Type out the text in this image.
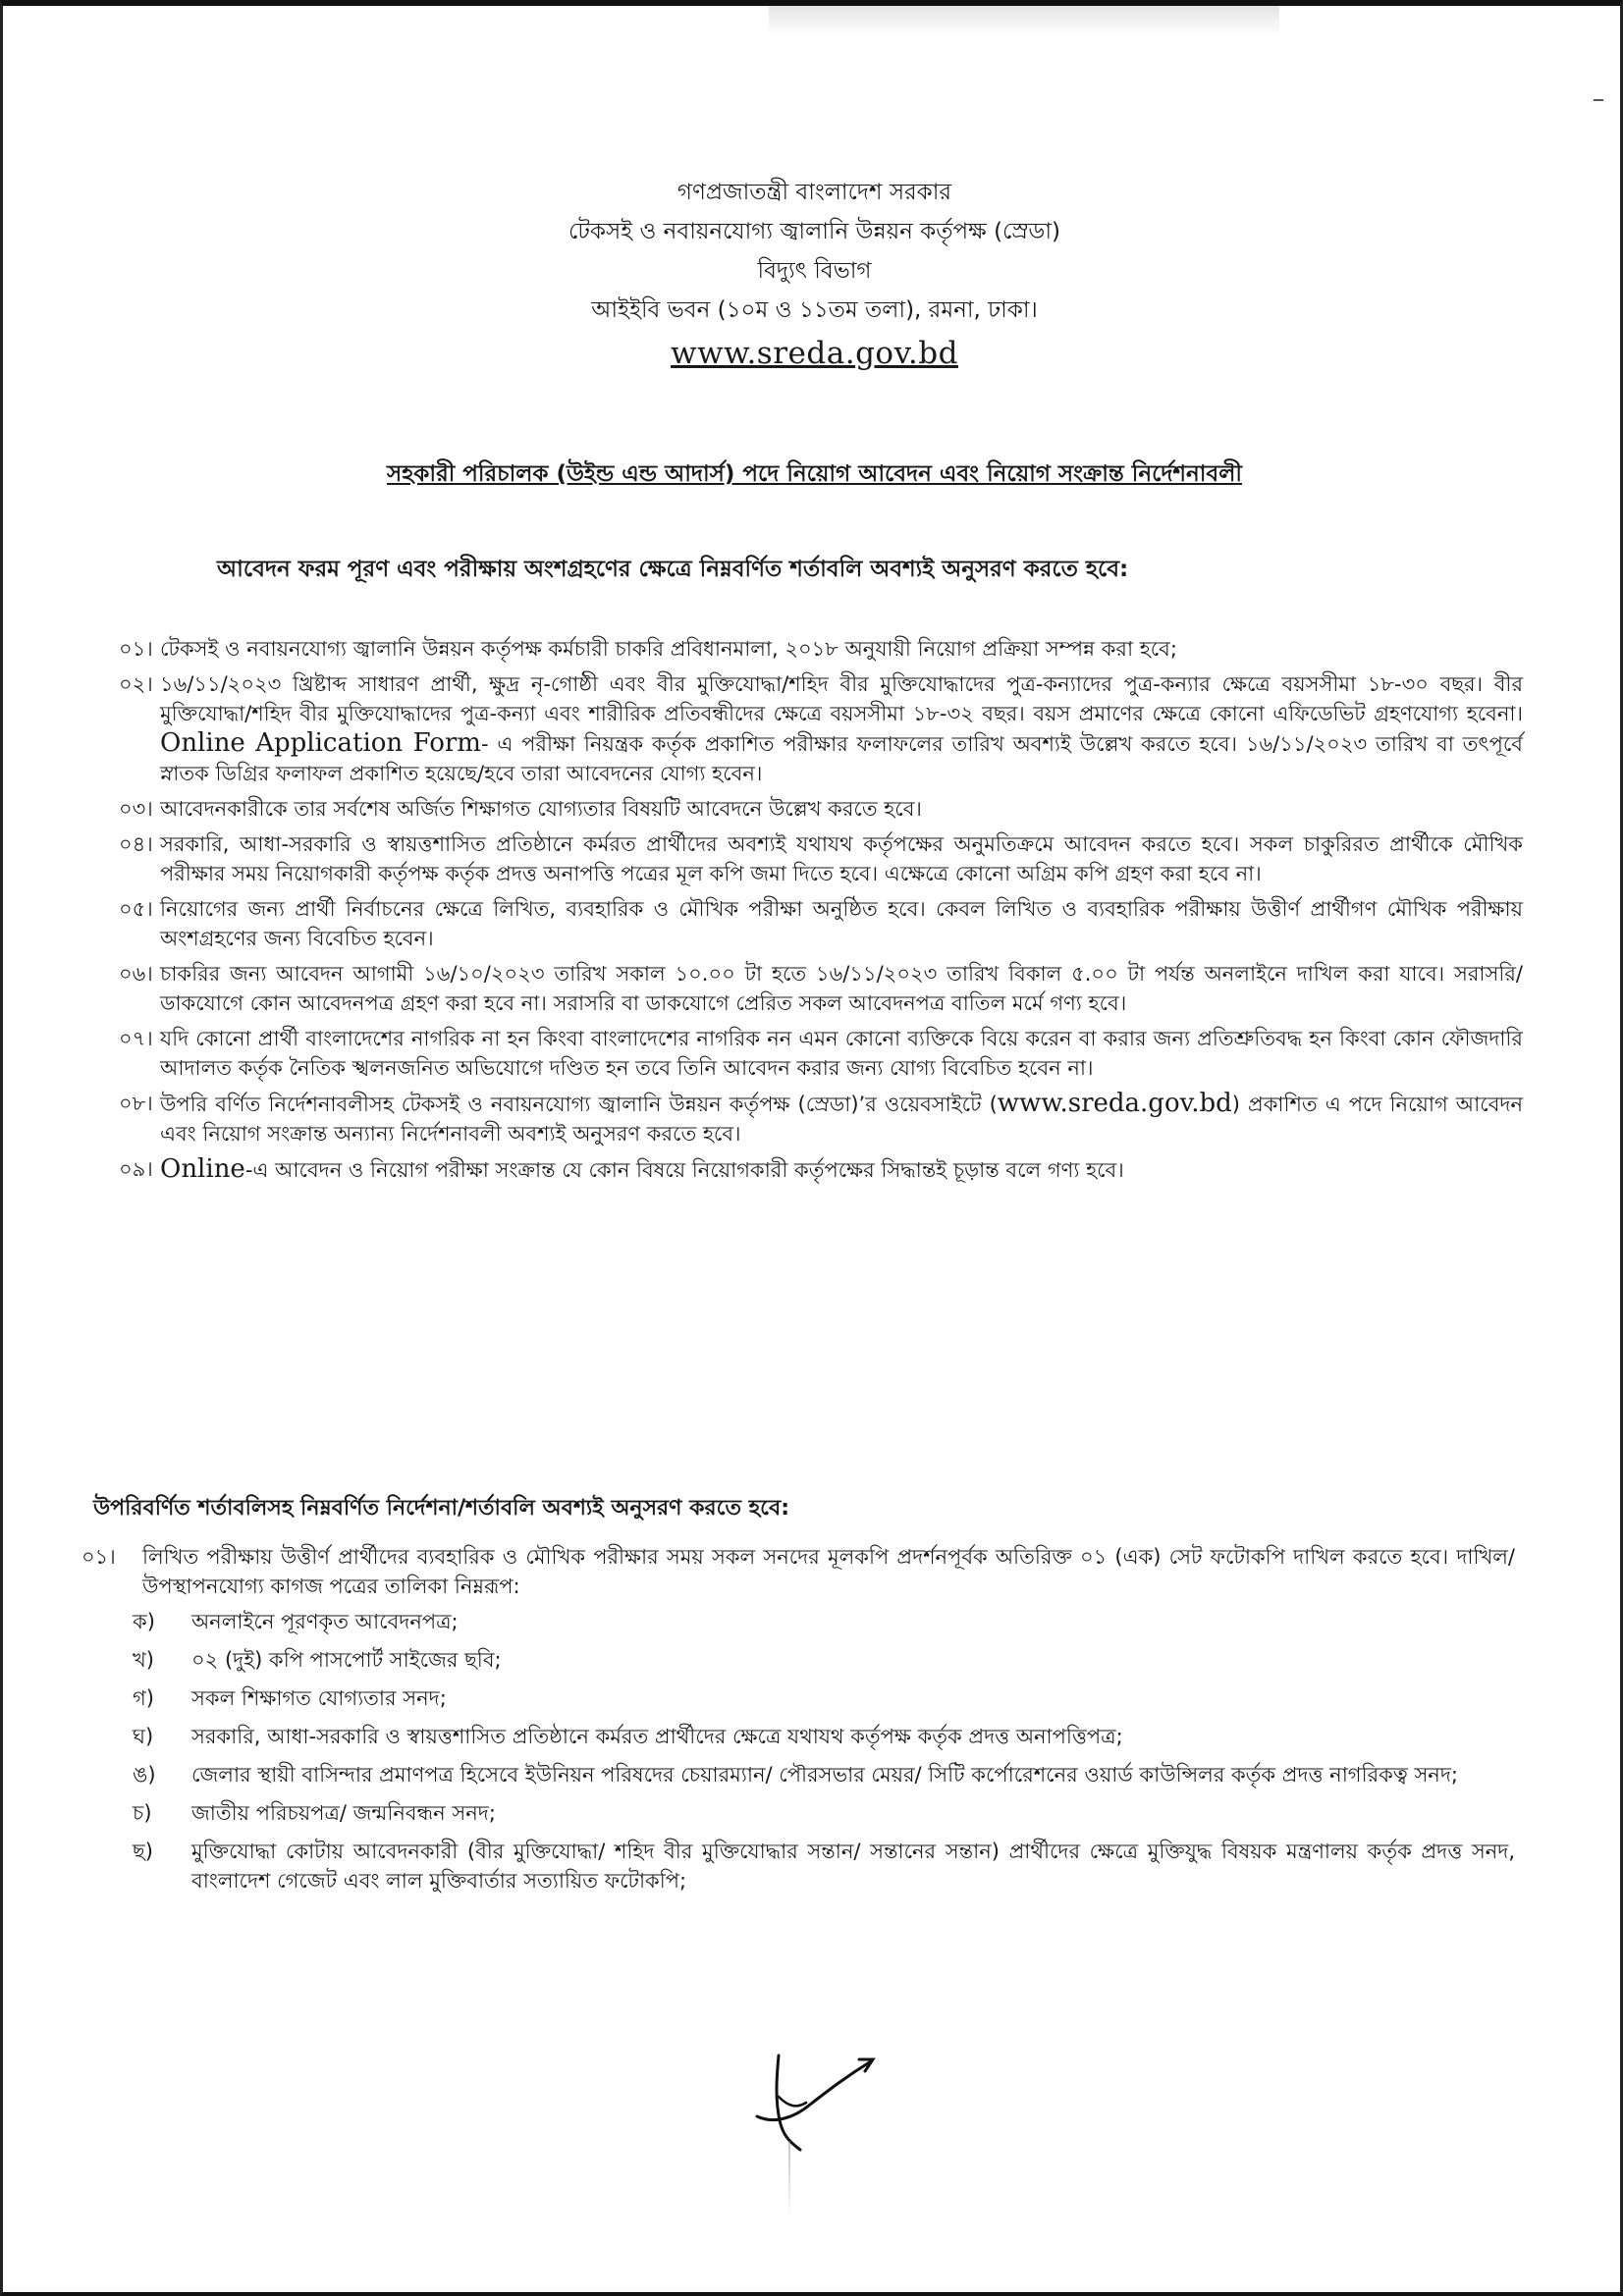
গণপ্রজাতন্ত্রী বাংলাদেশ সরকার
টেকসই ও নবায়নযোগ্য জ্বালানি উন্নয়ন কর্তৃপক্ষ (স্রেডা)
বিদ্যুৎ বিভাগ
আইইবি ভবন (১০ম ও ১১তম তলা), রমনা, ঢাকা।
www.sreda.gov.bd
সহকারী পরিচালক (উইন্ড এন্ড আদার্স) পদে নিয়োগ আবেদন এবং নিয়োগ সংক্রান্ত নির্দেশনাবলী
আবেদন ফরম পূরণ এবং পরীক্ষায় অংশগ্রহণের ক্ষেত্রে নিম্নবর্ণিত শর্তাবলি অবশ্যই অনুসরণ করতে হবে:
০১। টেকসই ও নবায়নযোগ্য জ্বালানি উন্নয়ন কর্তৃপক্ষ কর্মচারী চাকরি প্রবিধানমালা, ২০১৮ অনুযায়ী নিয়োগ প্রক্রিয়া সম্পন্ন করা হবে;
০২। ১৬/১১/২০২৩ খ্রিষ্টাব্দ সাধারণ প্রার্থী, ক্ষুদ্র নৃ-গোষ্ঠী এবং বীর মুক্তিযোদ্ধা/শহিদ বীর মুক্তিযোদ্ধাদের পুত্র-কন্যাদের পুত্র-কন্যার ক্ষেত্রে বয়সসীমা ১৮-৩০ বছর। বীর মুক্তিযোদ্ধা/শহিদ বীর মুক্তিযোদ্ধাদের পুত্র-কন্যা এবং শারীরিক প্রতিবন্ধীদের ক্ষেত্রে বয়সসীমা ১৮-৩২ বছর। বয়স প্রমাণের ক্ষেত্রে কোনো এফিডেভিট গ্রহণযোগ্য হবেনা। Online Application Form- এ পরীক্ষা নিয়ন্ত্রক কর্তৃক প্রকাশিত পরীক্ষার ফলাফলের তারিখ অবশ্যই উল্লেখ করতে হবে। ১৬/১১/২০২৩ তারিখ বা তৎপূর্বে স্নাতক ডিগ্রির ফলাফল প্রকাশিত হয়েছে/হবে তারা আবেদনের যোগ্য হবেন।
০৩। আবেদনকারীকে তার সর্বশেষ অর্জিত শিক্ষাগত যোগ্যতার বিষয়টি আবেদনে উল্লেখ করতে হবে।
০৪। সরকারি, আধা-সরকারি ও স্বায়ত্তশাসিত প্রতিষ্ঠানে কর্মরত প্রার্থীদের অবশ্যই যথাযথ কর্তৃপক্ষের অনুমতিক্রমে আবেদন করতে হবে। সকল চাকুরিরত প্রার্থীকে মৌখিক পরীক্ষার সময় নিয়োগকারী কর্তৃপক্ষ কর্তৃক প্রদত্ত অনাপত্তি পত্রের মূল কপি জমা দিতে হবে। এক্ষেত্রে কোনো অগ্রিম কপি গ্রহণ করা হবে না।
০৫। নিয়োগের জন্য প্রার্থী নির্বাচনের ক্ষেত্রে লিখিত, ব্যবহারিক ও মৌখিক পরীক্ষা অনুষ্ঠিত হবে। কেবল লিখিত ও ব্যবহারিক পরীক্ষায় উত্তীর্ণ প্রার্থীগণ মৌখিক পরীক্ষায় অংশগ্রহণের জন্য বিবেচিত হবেন।
০৬। চাকরির জন্য আবেদন আগামী ১৬/১০/২০২৩ তারিখ সকাল ১০.০০ টা হতে ১৬/১১/২০২৩ তারিখ বিকাল ৫.০০ টা পর্যন্ত অনলাইনে দাখিল করা যাবে। সরাসরি/ ডাকযোগে কোন আবেদনপত্র গ্রহণ করা হবে না। সরাসরি বা ডাকযোগে প্রেরিত সকল আবেদনপত্র বাতিল মর্মে গণ্য হবে।
০৭। যদি কোনো প্রার্থী বাংলাদেশের নাগরিক না হন কিংবা বাংলাদেশের নাগরিক নন এমন কোনো ব্যক্তিকে বিয়ে করেন বা করার জন্য প্রতিশ্রুতিবদ্ধ হন কিংবা কোন ফৌজদারি আদালত কর্তৃক নৈতিক স্খলনজনিত অভিযোগে দণ্ডিত হন তবে তিনি আবেদন করার জন্য যোগ্য বিবেচিত হবেন না।
০৮। উপরি বর্ণিত নির্দেশনাবলীসহ টেকসই ও নবায়নযোগ্য জ্বালানি উন্নয়ন কর্তৃপক্ষ (স্রেডা)’র ওয়েবসাইটে (www.sreda.gov.bd) প্রকাশিত এ পদে নিয়োগ আবেদন এবং নিয়োগ সংক্রান্ত অন্যান্য নির্দেশনাবলী অবশ্যই অনুসরণ করতে হবে।
০৯। Online-এ আবেদন ও নিয়োগ পরীক্ষা সংক্রান্ত যে কোন বিষয়ে নিয়োগকারী কর্তৃপক্ষের সিদ্ধান্তই চূড়ান্ত বলে গণ্য হবে।
উপরিবর্ণিত শর্তাবলিসহ নিম্নবর্ণিত নির্দেশনা/শর্তাবলি অবশ্যই অনুসরণ করতে হবে:
০১।	লিখিত পরীক্ষায় উত্তীর্ণ প্রার্থীদের ব্যবহারিক ও মৌখিক পরীক্ষার সময় সকল সনদের মূলকপি প্রদর্শনপূর্বক অতিরিক্ত ০১ (এক) সেট ফটোকপি দাখিল করতে হবে। দাখিল/ উপস্থাপনযোগ্য কাগজ পত্রের তালিকা নিম্নরূপ:
ক)	অনলাইনে পূরণকৃত আবেদনপত্র;
খ)	০২ (দুই) কপি পাসপোর্ট সাইজের ছবি;
গ)	সকল শিক্ষাগত যোগ্যতার সনদ;
ঘ)	সরকারি, আধা-সরকারি ও স্বায়ত্তশাসিত প্রতিষ্ঠানে কর্মরত প্রার্থীদের ক্ষেত্রে যথাযথ কর্তৃপক্ষ কর্তৃক প্রদত্ত অনাপত্তিপত্র;
ঙ)	জেলার স্থায়ী বাসিন্দার প্রমাণপত্র হিসেবে ইউনিয়ন পরিষদের চেয়ারম্যান/ পৌরসভার মেয়র/ সিটি কর্পোরেশনের ওয়ার্ড কাউন্সিলর কর্তৃক প্রদত্ত নাগরিকত্ব সনদ;
চ)	জাতীয় পরিচয়পত্র/ জন্মনিবন্ধন সনদ;
ছ)	মুক্তিযোদ্ধা কোটায় আবেদনকারী (বীর মুক্তিযোদ্ধা/ শহিদ বীর মুক্তিযোদ্ধার সন্তান/ সন্তানের সন্তান) প্রার্থীদের ক্ষেত্রে মুক্তিযুদ্ধ বিষয়ক মন্ত্রণালয় কর্তৃক প্রদত্ত সনদ, বাংলাদেশ গেজেট এবং লাল মুক্তিবার্তার সত্যায়িত ফটোকপি;
